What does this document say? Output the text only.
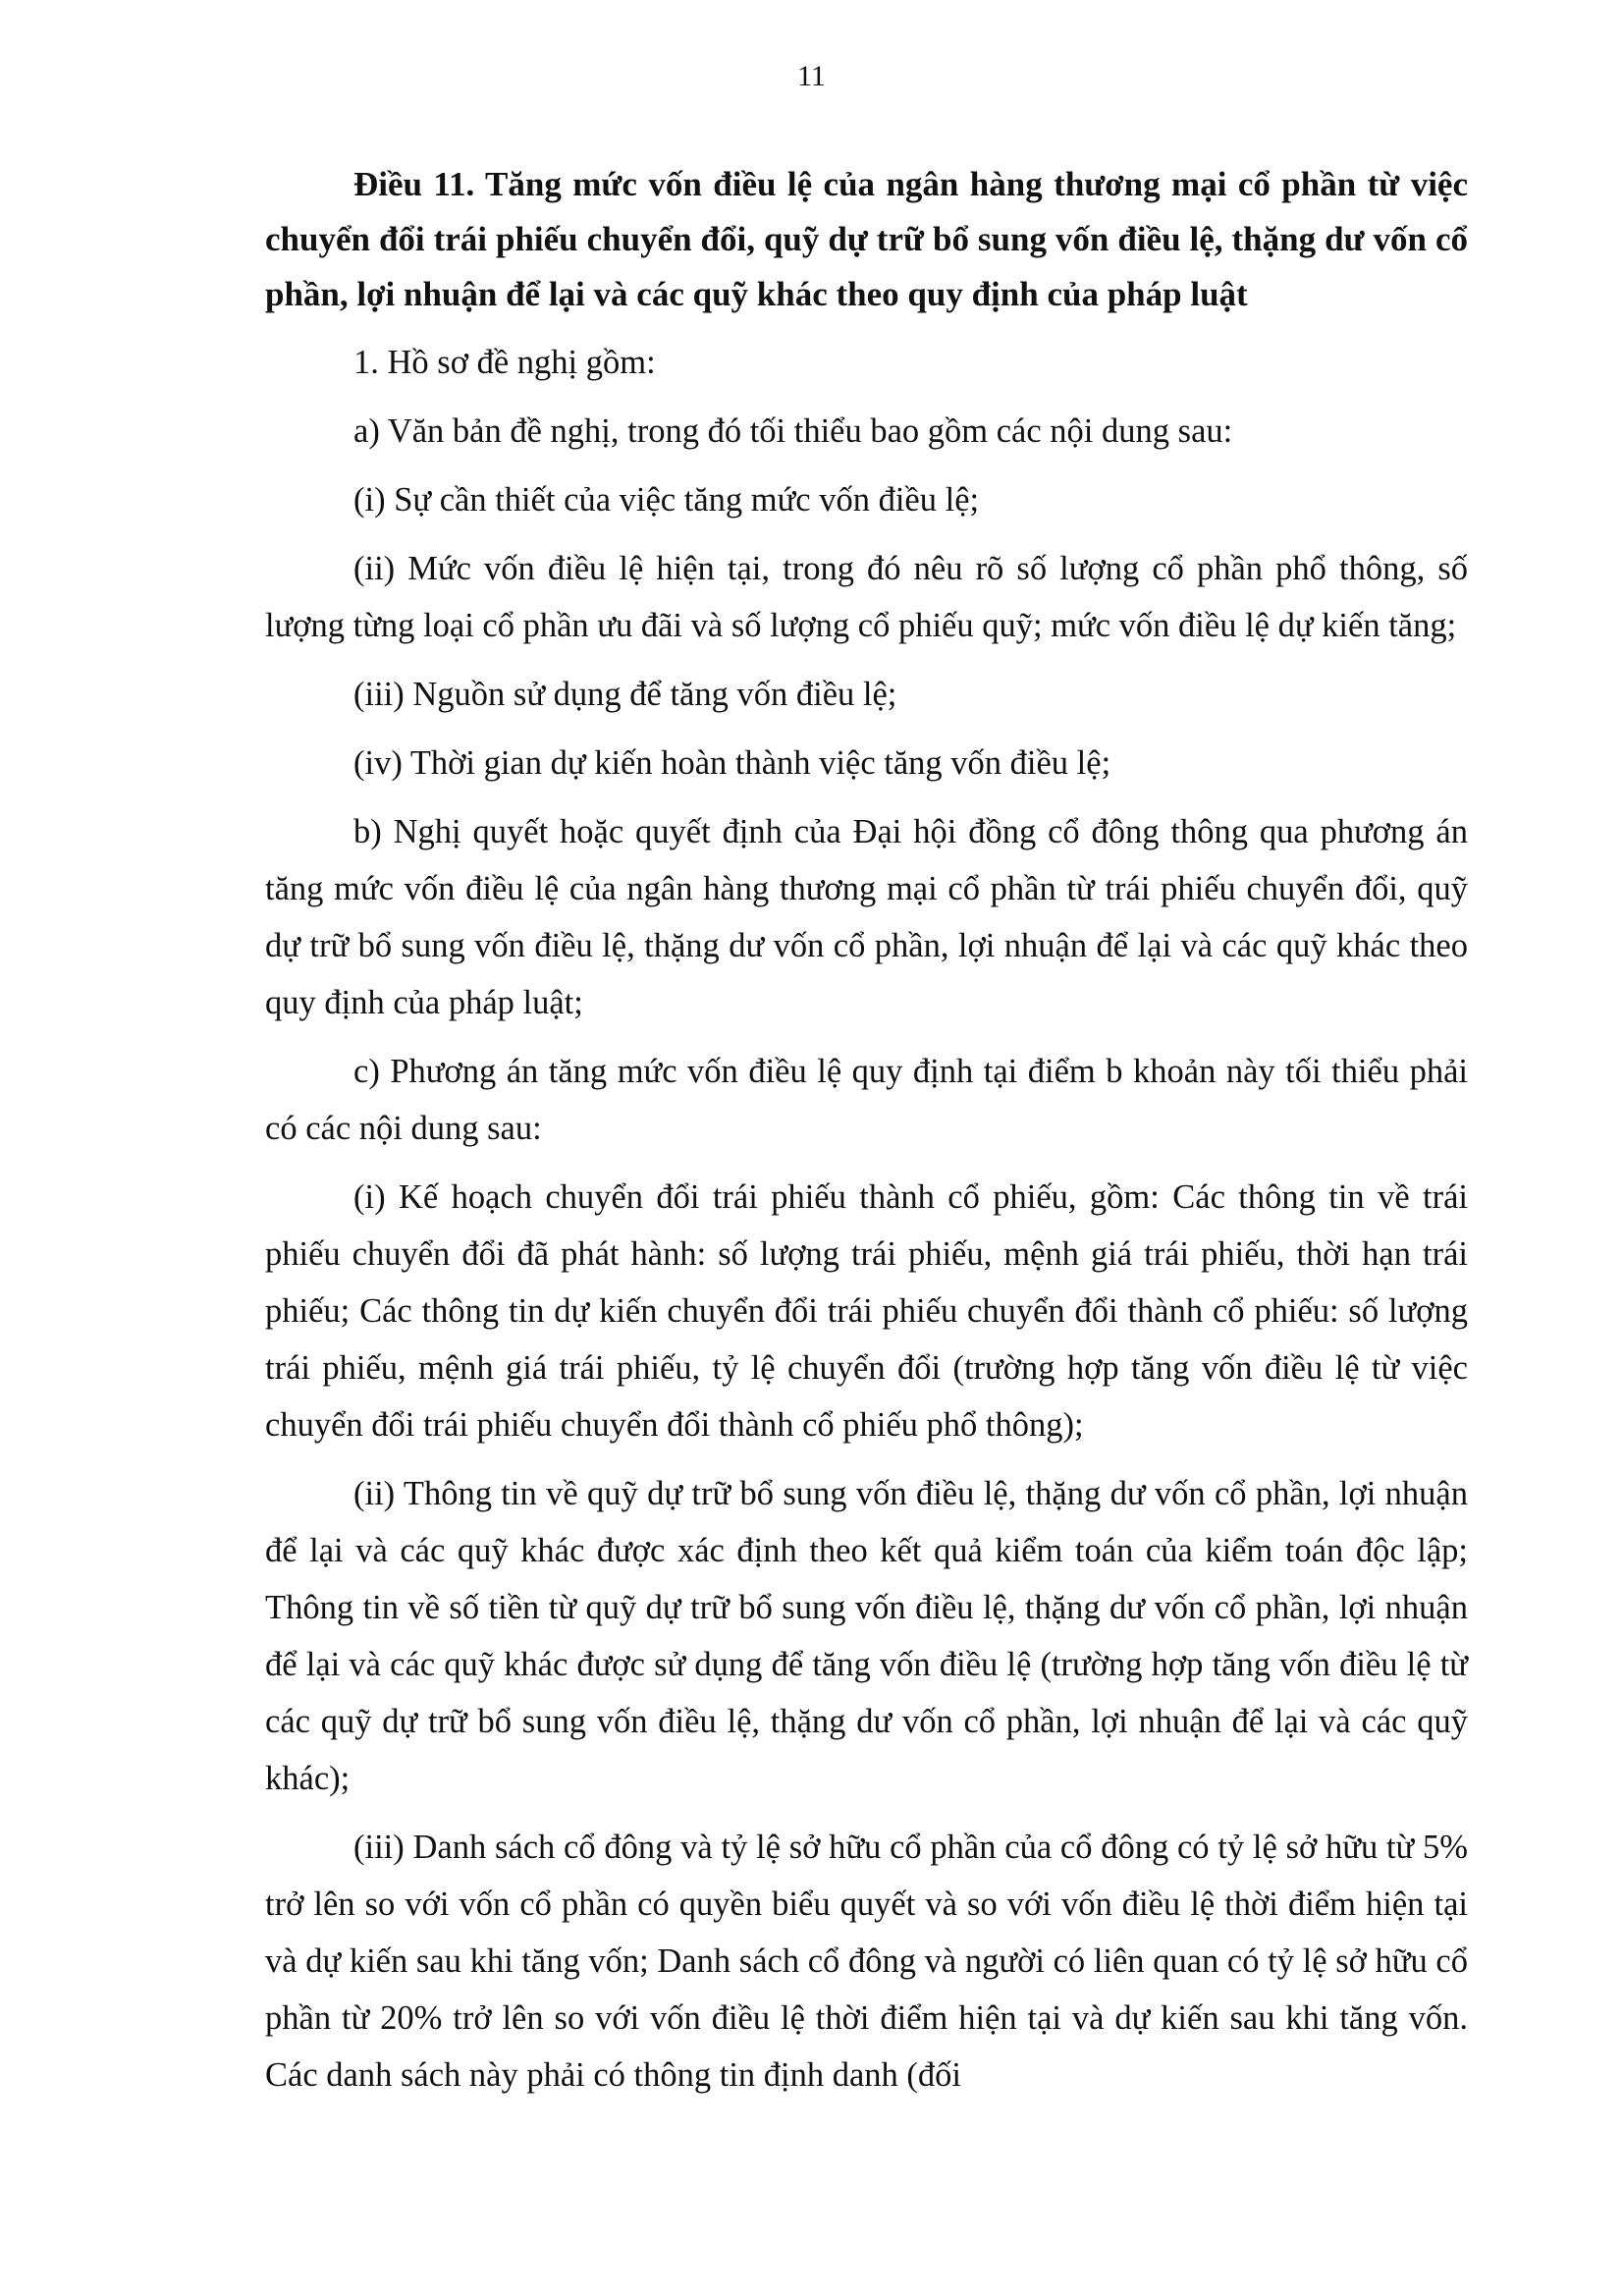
11

Điều 11. Tăng mức vốn điều lệ của ngân hàng thương mại cổ phần từ việc chuyển đổi trái phiếu chuyển đổi, quỹ dự trữ bổ sung vốn điều lệ, thặng dư vốn cổ phần, lợi nhuận để lại và các quỹ khác theo quy định của pháp luật

1. Hồ sơ đề nghị gồm:

a) Văn bản đề nghị, trong đó tối thiểu bao gồm các nội dung sau:

(i) Sự cần thiết của việc tăng mức vốn điều lệ;

(ii) Mức vốn điều lệ hiện tại, trong đó nêu rõ số lượng cổ phần phổ thông, số lượng từng loại cổ phần ưu đãi và số lượng cổ phiếu quỹ; mức vốn điều lệ dự kiến tăng;

(iii) Nguồn sử dụng để tăng vốn điều lệ;

(iv) Thời gian dự kiến hoàn thành việc tăng vốn điều lệ;

b) Nghị quyết hoặc quyết định của Đại hội đồng cổ đông thông qua phương án tăng mức vốn điều lệ của ngân hàng thương mại cổ phần từ trái phiếu chuyển đổi, quỹ dự trữ bổ sung vốn điều lệ, thặng dư vốn cổ phần, lợi nhuận để lại và các quỹ khác theo quy định của pháp luật;

c) Phương án tăng mức vốn điều lệ quy định tại điểm b khoản này tối thiểu phải có các nội dung sau:

(i) Kế hoạch chuyển đổi trái phiếu thành cổ phiếu, gồm: Các thông tin về trái phiếu chuyển đổi đã phát hành: số lượng trái phiếu, mệnh giá trái phiếu, thời hạn trái phiếu; Các thông tin dự kiến chuyển đổi trái phiếu chuyển đổi thành cổ phiếu: số lượng trái phiếu, mệnh giá trái phiếu, tỷ lệ chuyển đổi (trường hợp tăng vốn điều lệ từ việc chuyển đổi trái phiếu chuyển đổi thành cổ phiếu phổ thông);

(ii) Thông tin về quỹ dự trữ bổ sung vốn điều lệ, thặng dư vốn cổ phần, lợi nhuận để lại và các quỹ khác được xác định theo kết quả kiểm toán của kiểm toán độc lập; Thông tin về số tiền từ quỹ dự trữ bổ sung vốn điều lệ, thặng dư vốn cổ phần, lợi nhuận để lại và các quỹ khác được sử dụng để tăng vốn điều lệ (trường hợp tăng vốn điều lệ từ các quỹ dự trữ bổ sung vốn điều lệ, thặng dư vốn cổ phần, lợi nhuận để lại và các quỹ khác);

(iii) Danh sách cổ đông và tỷ lệ sở hữu cổ phần của cổ đông có tỷ lệ sở hữu từ 5% trở lên so với vốn cổ phần có quyền biểu quyết và so với vốn điều lệ thời điểm hiện tại và dự kiến sau khi tăng vốn; Danh sách cổ đông và người có liên quan có tỷ lệ sở hữu cổ phần từ 20% trở lên so với vốn điều lệ thời điểm hiện tại và dự kiến sau khi tăng vốn. Các danh sách này phải có thông tin định danh (đối
